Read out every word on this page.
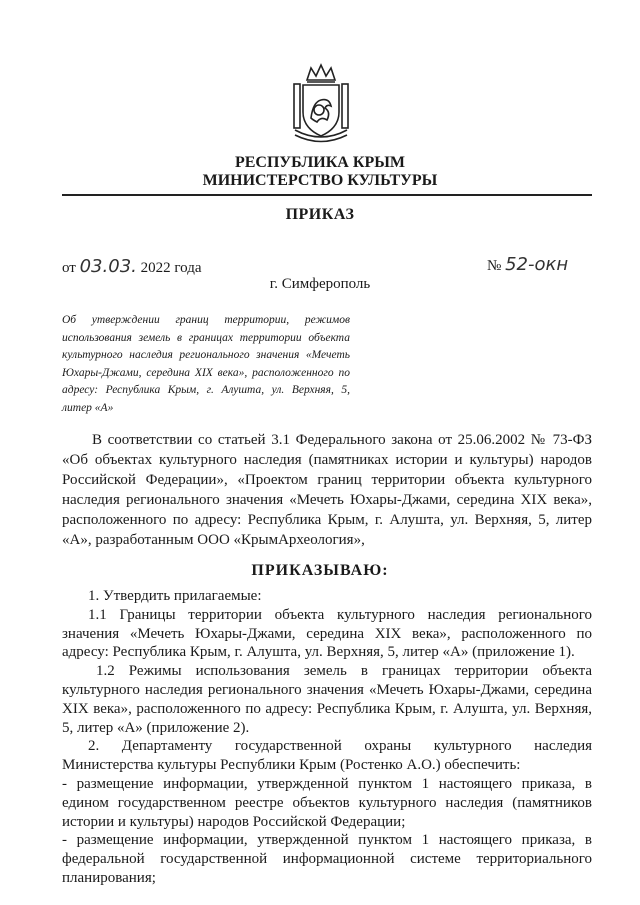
РЕСПУБЛИКА КРЫМ
МИНИСТЕРСТВО КУЛЬТУРЫ
ПРИКАЗ
от 03.03. 2022 года	№ 52-окн
г. Симферополь
Об утверждении границ территории, режимов использования земель в границах территории объекта культурного наследия регионального значения «Мечеть Юхары-Джами, середина XIX века», расположенного по адресу: Республика Крым, г. Алушта, ул. Верхняя, 5, литер «А»
В соответствии со статьей 3.1 Федерального закона от 25.06.2002 № 73-ФЗ «Об объектах культурного наследия (памятниках истории и культуры) народов Российской Федерации», «Проектом границ территории объекта культурного наследия регионального значения «Мечеть Юхары-Джами, середина XIX века», расположенного по адресу: Республика Крым, г. Алушта, ул. Верхняя, 5, литер «А», разработанным ООО «КрымАрхеология»,
ПРИКАЗЫВАЮ:

1. Утвердить прилагаемые:

1.1 Границы территории объекта культурного наследия регионального значения «Мечеть Юхары-Джами, середина XIX века», расположенного по адресу: Республика Крым, г. Алушта, ул. Верхняя, 5, литер «А» (приложение 1).

1.2 Режимы использования земель в границах территории объекта культурного наследия регионального значения «Мечеть Юхары-Джами, середина XIX века», расположенного по адресу: Республика Крым, г. Алушта, ул. Верхняя, 5, литер «А» (приложение 2).

2. Департаменту государственной охраны культурного наследия Министерства культуры Республики Крым (Ростенко А.О.) обеспечить:

- размещение информации, утвержденной пунктом 1 настоящего приказа, в едином государственном реестре объектов культурного наследия (памятников истории и культуры) народов Российской Федерации;

- размещение информации, утвержденной пунктом 1 настоящего приказа, в федеральной государственной информационной системе территориального планирования;
